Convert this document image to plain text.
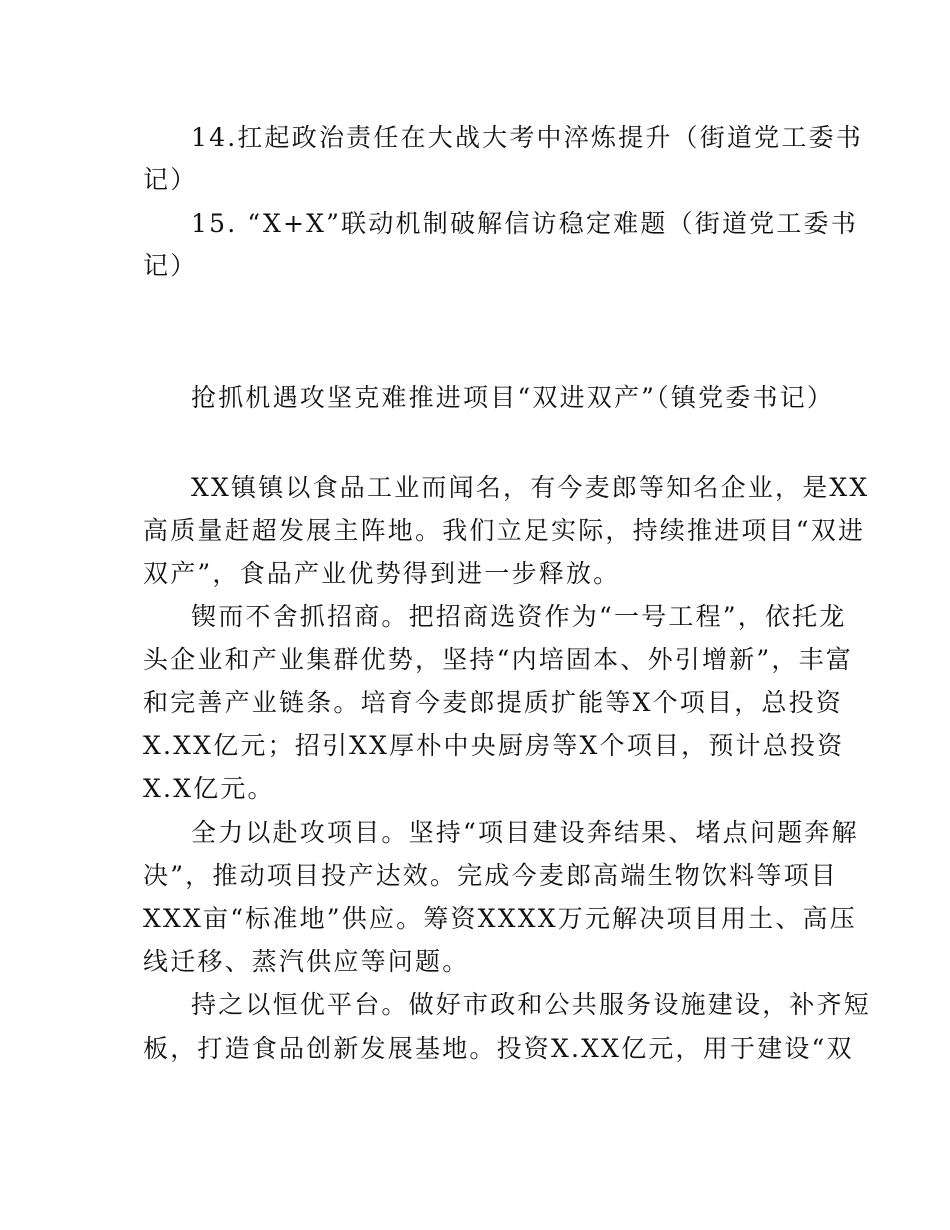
14.扛起政治责任在大战大考中淬炼提升（街道党工委书

记）

15. “X+X”联动机制破解信访稳定难题（街道党工委书

记）

抢抓机遇攻坚克难推进项目“双进双产”（镇党委书记）

XX镇镇以食品工业而闻名，有今麦郎等知名企业，是XX

高质量赶超发展主阵地。我们立足实际，持续推进项目“双进

双产”，食品产业优势得到进一步释放。

锲而不舍抓招商。把招商选资作为“一号工程”，依托龙

头企业和产业集群优势，坚持“内培固本、外引增新”，丰富

和完善产业链条。培育今麦郎提质扩能等X个项目，总投资

X.XX亿元；招引XX厚朴中央厨房等X个项目，预计总投资

X.X亿元。

全力以赴攻项目。坚持“项目建设奔结果、堵点问题奔解

决”，推动项目投产达效。完成今麦郎高端生物饮料等项目

XXX亩“标准地”供应。筹资XXXX万元解决项目用土、高压

线迁移、蒸汽供应等问题。

持之以恒优平台。做好市政和公共服务设施建设，补齐短

板，打造食品创新发展基地。投资X.XX亿元，用于建设“双
